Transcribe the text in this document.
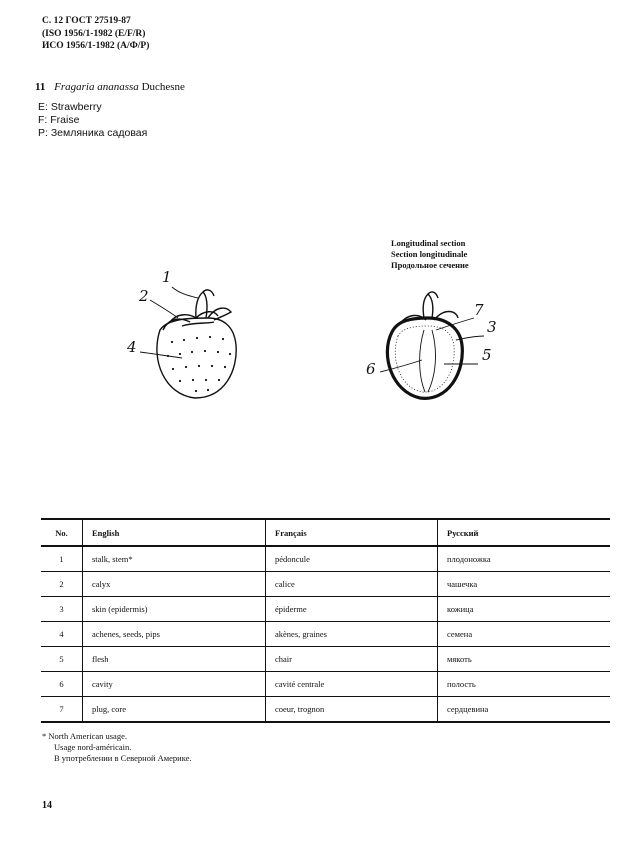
С. 12 ГОСТ 27519-87
(ISO 1956/1-1982 (E/F/R)
ИСО 1956/1-1982 (А/Ф/Р)
11 Fragaria ananassa Duchesne
E: Strawberry
F: Fraise
P: Земляника садовая
Longitudinal section
Section longitudinale
Продольное сечение
1
2
4
7
3
5
6
No.	English	Français	Русский
1	stalk, stem*	pédoncule	плодоножка
2	calyx	calice	чашечка
3	skin (epidermis)	épiderme	кожица
4	achenes, seeds, pips	akènes, graines	семена
5	flesh	chair	мякоть
6	cavity	cavité centrale	полость
7	plug, core	coeur, trognon	сердцевина
* North American usage.
Usage nord-américain.
В употреблении в Северной Америке.
14
